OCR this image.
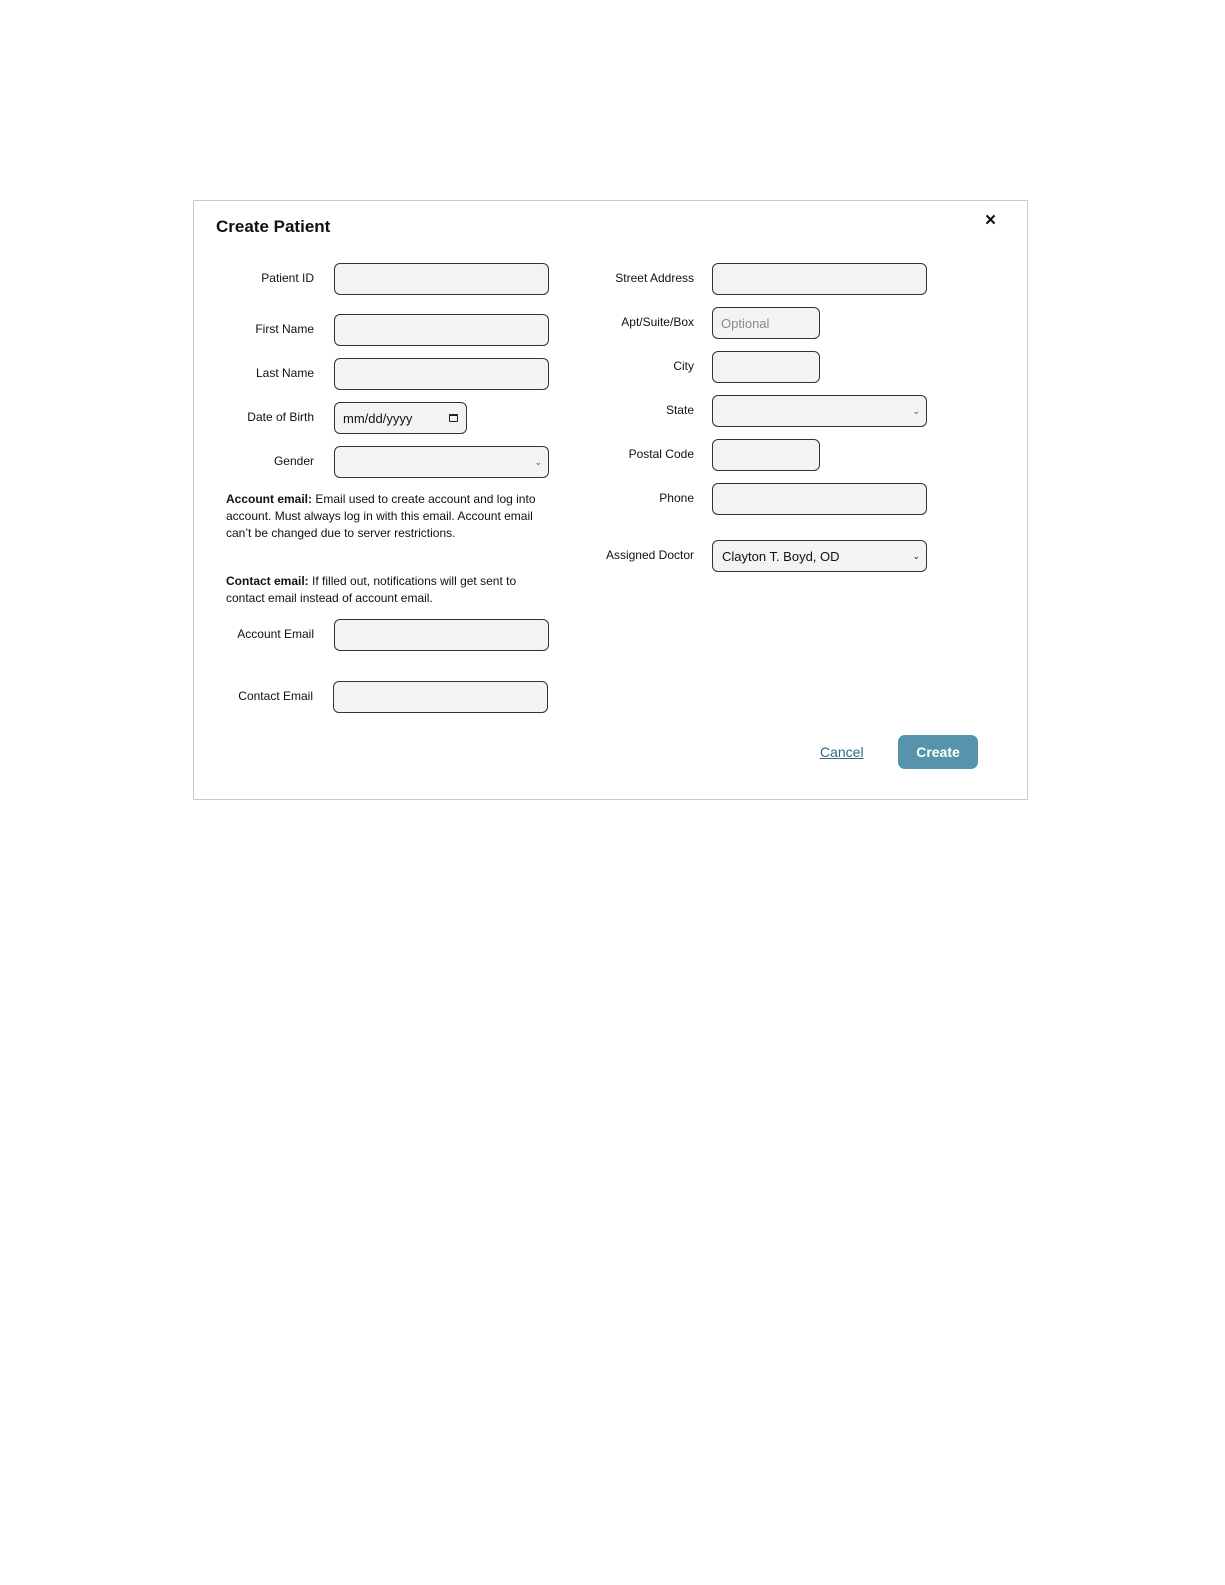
Create Patient	×
Patient ID
First Name
Last Name
Date of Birth mm/dd/yyyy
Gender	⌄
Account email: Email used to create account and log into account. Must always log in with this email. Account email can’t be changed due to server restrictions.
Contact email: If filled out, notifications will get sent to contact email instead of account email.
Account Email
Contact Email
Street Address
Apt/Suite/Box
Optional
City
State	⌄
Postal Code
Phone
Assigned Doctor Clayton T. Boyd, OD	⌄
Cancel	Create
